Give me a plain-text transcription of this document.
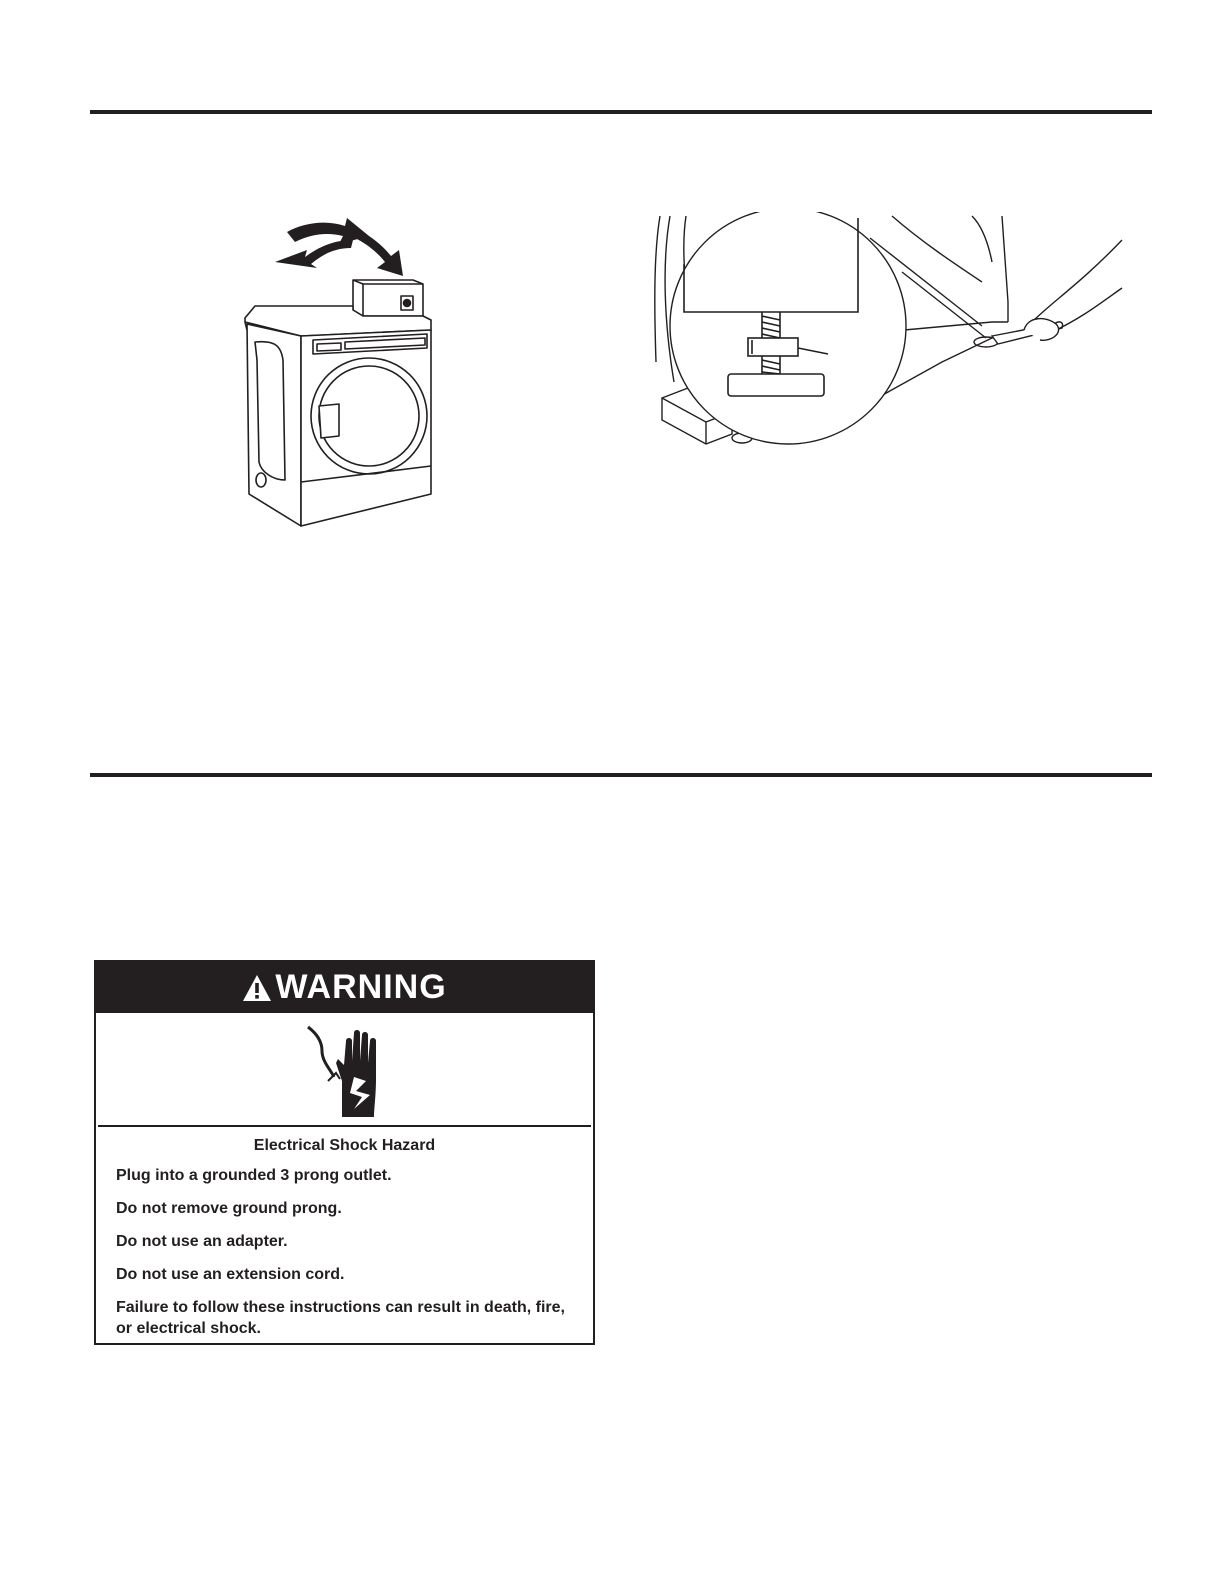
WARNING
Electrical Shock Hazard

Plug into a grounded 3 prong outlet.

Do not remove ground prong.

Do not use an adapter.

Do not use an extension cord.

Failure to follow these instructions can result in death, fire, or electrical shock.
